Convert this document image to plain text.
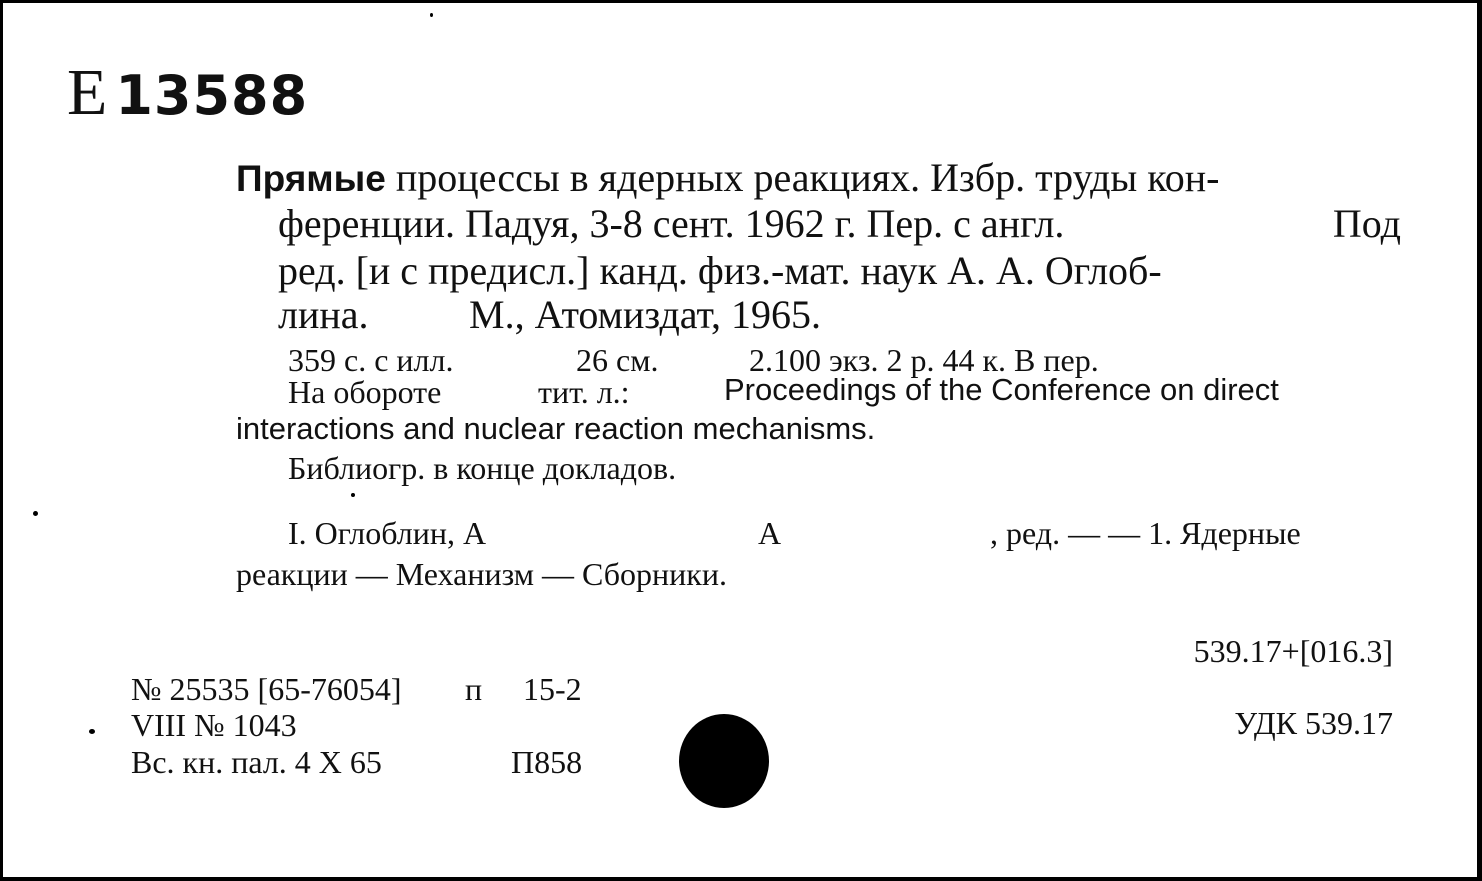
Е 13588
Прямые процессы в ядерных реакциях. Избр. труды кон-
ференции. Падуя, 3-8 сент. 1962 г. Пер. с англ.	Под
ред. [и с предисл.] канд. физ.-мат. наук А. А. Оглоб-
лина.	М., Атомиздат, 1965.
359 с. с илл.	26 см.	2.100 экз. 2 р. 44 к. В пер.
На обороте	тит. л.:	Proceedings of the Conference on direct
interactions and nuclear reaction mechanisms.
Библиогр. в конце докладов.
I. Оглоблин, А	А	, ред. — — 1. Ядерные
реакции — Механизм — Сборники.
539.17+[016.3]
№ 25535 [65-76054] п 15-2
VIII № 1043
Вс. кн. пал. 4 X 65	П858
УДК 539.17
